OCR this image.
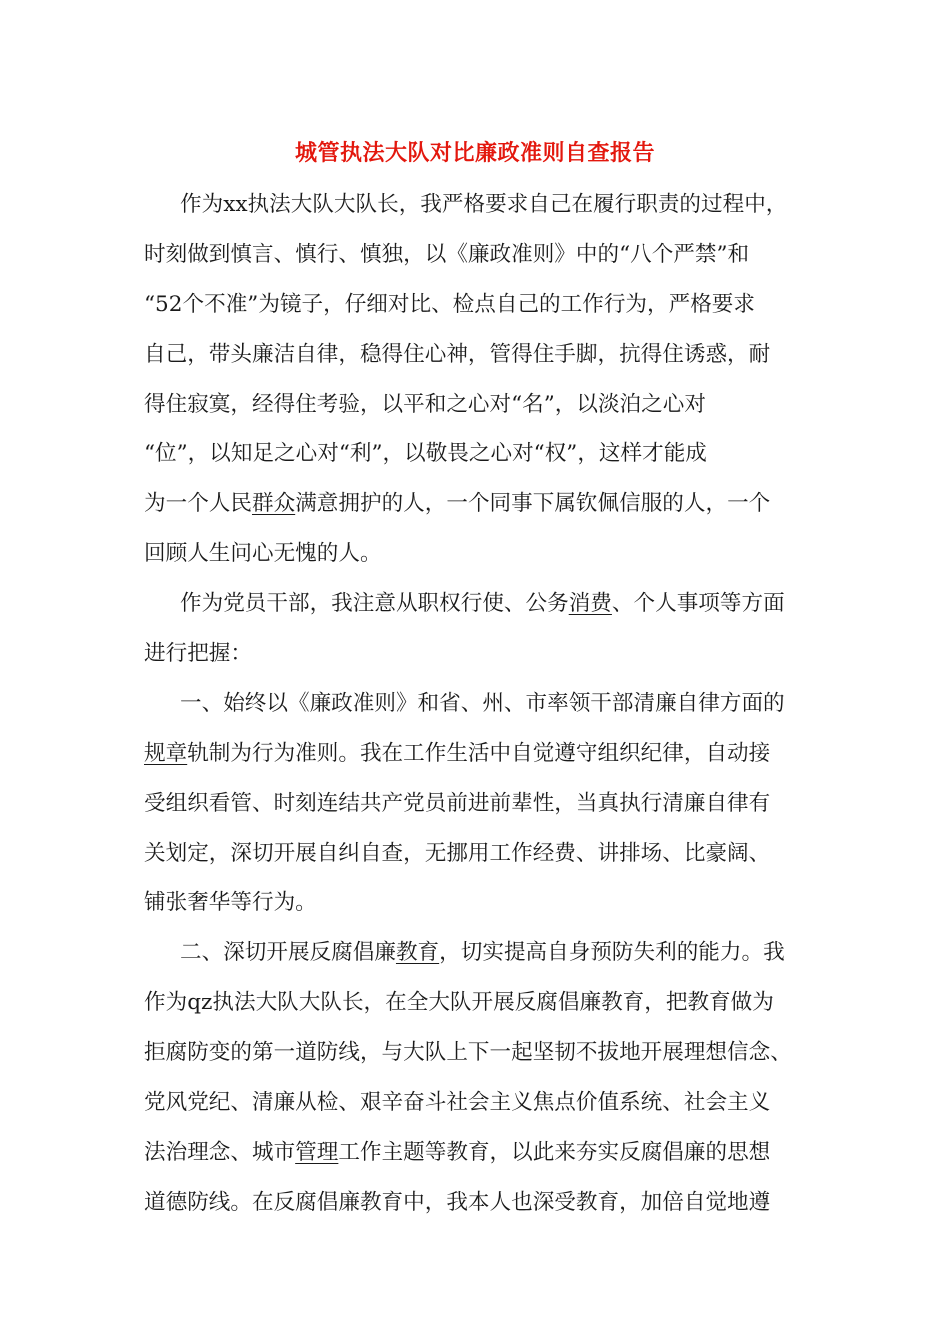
城管执法大队对比廉政准则自查报告
作为xx执法大队大队长，我严格要求自己在履行职责的过程中，
时刻做到慎言、慎行、慎独，以《廉政准则》中的“八个严禁”和
“52个不准”为镜子，仔细对比、检点自己的工作行为，严格要求
自己，带头廉洁自律，稳得住心神，管得住手脚，抗得住诱惑，耐
得住寂寞，经得住考验，以平和之心对“名”，以淡泊之心对
“位”，以知足之心对“利”，以敬畏之心对“权”，这样才能成
为一个人民群众满意拥护的人，一个同事下属钦佩信服的人，一个
回顾人生问心无愧的人。
作为党员干部，我注意从职权行使、公务消费、个人事项等方面
进行把握：
一、始终以《廉政准则》和省、州、市率领干部清廉自律方面的
规章轨制为行为准则。我在工作生活中自觉遵守组织纪律，自动接
受组织看管、时刻连结共产党员前进前辈性，当真执行清廉自律有
关划定，深切开展自纠自查，无挪用工作经费、讲排场、比豪阔、
铺张奢华等行为。
二、深切开展反腐倡廉教育，切实提高自身预防失利的能力。我
作为qz执法大队大队长，在全大队开展反腐倡廉教育，把教育做为
拒腐防变的第一道防线，与大队上下一起坚韧不拔地开展理想信念、
党风党纪、清廉从检、艰辛奋斗社会主义焦点价值系统、社会主义
法治理念、城市管理工作主题等教育，以此来夯实反腐倡廉的思想
道德防线。在反腐倡廉教育中，我本人也深受教育，加倍自觉地遵
